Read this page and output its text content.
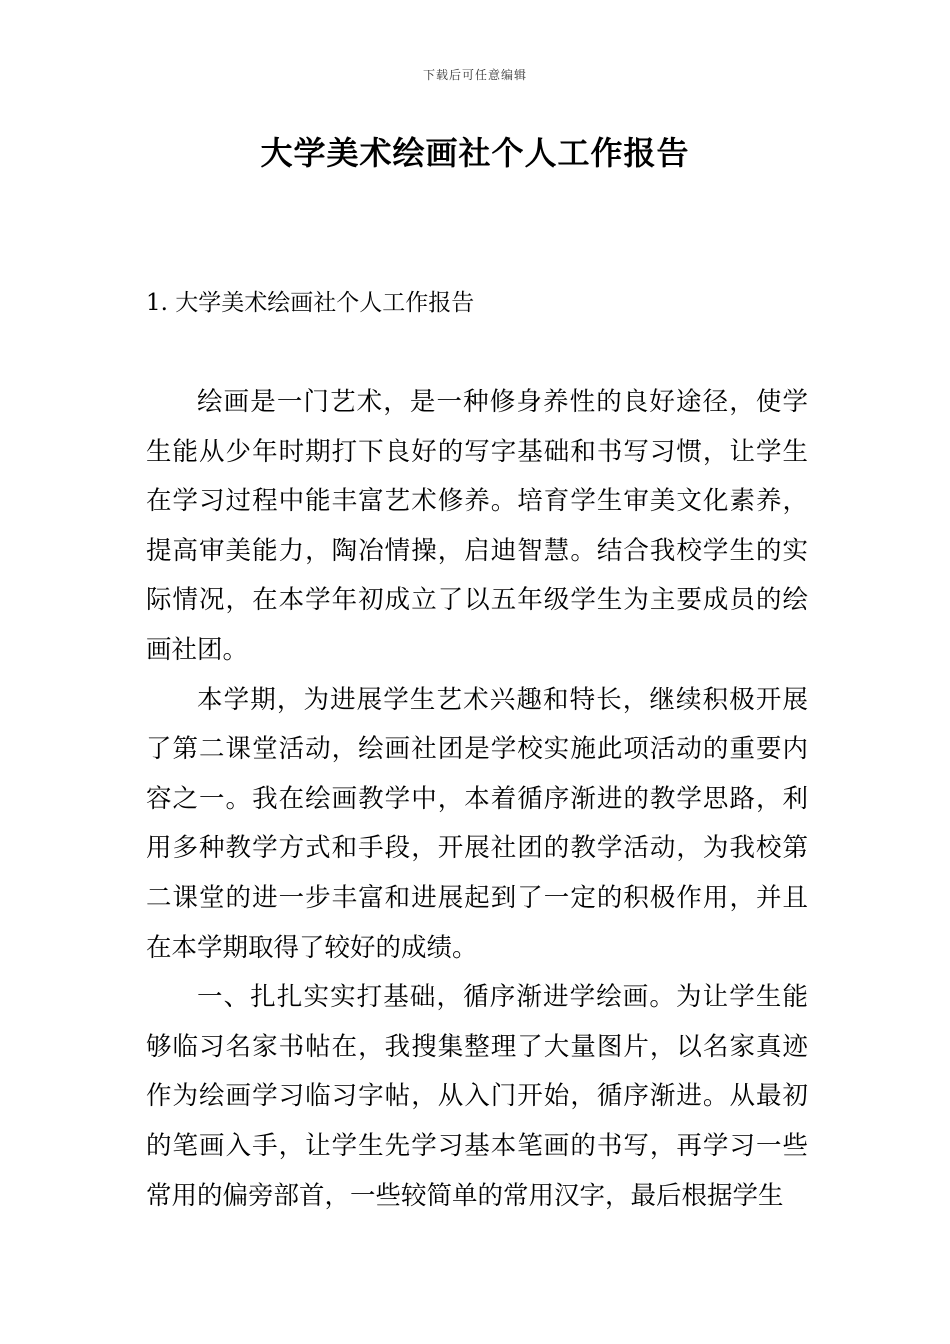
下载后可任意编辑
大学美术绘画社个人工作报告
1. 大学美术绘画社个人工作报告

绘画是一门艺术，是一种修身养性的良好途径，使学生能从少年时期打下良好的写字基础和书写习惯，让学生在学习过程中能丰富艺术修养。培育学生审美文化素养，提高审美能力，陶冶情操，启迪智慧。结合我校学生的实际情况，在本学年初成立了以五年级学生为主要成员的绘画社团。

本学期，为进展学生艺术兴趣和特长，继续积极开展了第二课堂活动，绘画社团是学校实施此项活动的重要内容之一。我在绘画教学中，本着循序渐进的教学思路，利用多种教学方式和手段，开展社团的教学活动，为我校第二课堂的进一步丰富和进展起到了一定的积极作用，并且在本学期取得了较好的成绩。

一、扎扎实实打基础，循序渐进学绘画。为让学生能够临习名家书帖在，我搜集整理了大量图片，以名家真迹作为绘画学习临习字帖，从入门开始，循序渐进。从最初的笔画入手，让学生先学习基本笔画的书写，再学习一些常用的偏旁部首，一些较简单的常用汉字，最后根据学生
